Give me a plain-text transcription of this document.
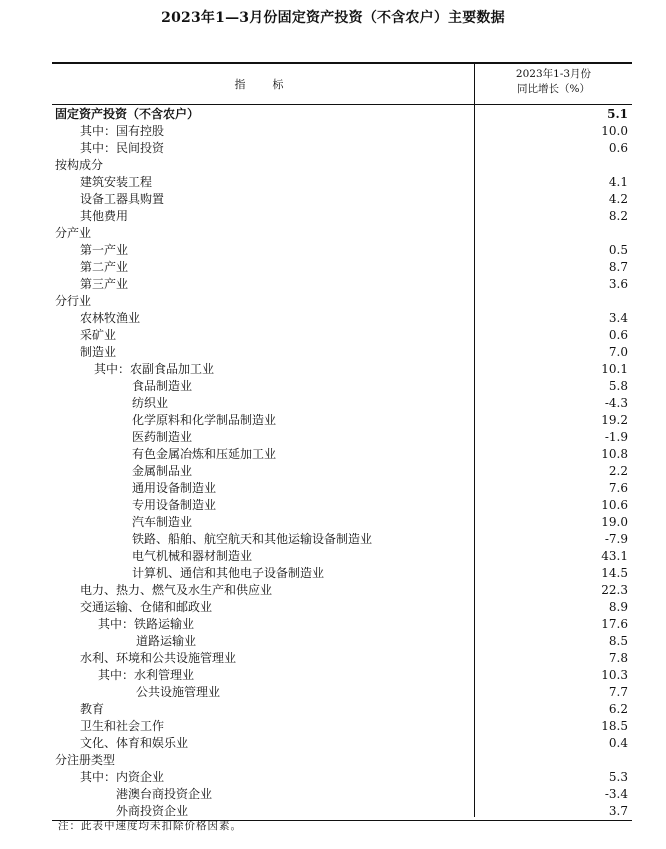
2023年1—3月份固定资产投资（不含农户）主要数据
指　标
2023年1-3月份
同比增长（%）
固定资产投资（不含农户）	5.1
其中：国有控股	10.0
其中：民间投资	0.6
按构成分
建筑安装工程	4.1
设备工器具购置	4.2
其他费用	8.2
分产业
第一产业	0.5
第二产业	8.7
第三产业	3.6
分行业
农林牧渔业	3.4
采矿业	0.6
制造业	7.0
其中：农副食品加工业	10.1
食品制造业	5.8
纺织业	-4.3
化学原料和化学制品制造业	19.2
医药制造业	-1.9
有色金属冶炼和压延加工业	10.8
金属制品业	2.2
通用设备制造业	7.6
专用设备制造业	10.6
汽车制造业	19.0
铁路、船舶、航空航天和其他运输设备制造业	-7.9
电气机械和器材制造业	43.1
计算机、通信和其他电子设备制造业	14.5
电力、热力、燃气及水生产和供应业	22.3
交通运输、仓储和邮政业	8.9
其中：铁路运输业	17.6
道路运输业	8.5
水利、环境和公共设施管理业	7.8
其中：水利管理业	10.3
公共设施管理业	7.7
教育	6.2
卫生和社会工作	18.5
文化、体育和娱乐业	0.4
分注册类型
其中：内资企业	5.3
港澳台商投资企业	-3.4
外商投资企业	3.7
注：此表中速度均未扣除价格因素。
